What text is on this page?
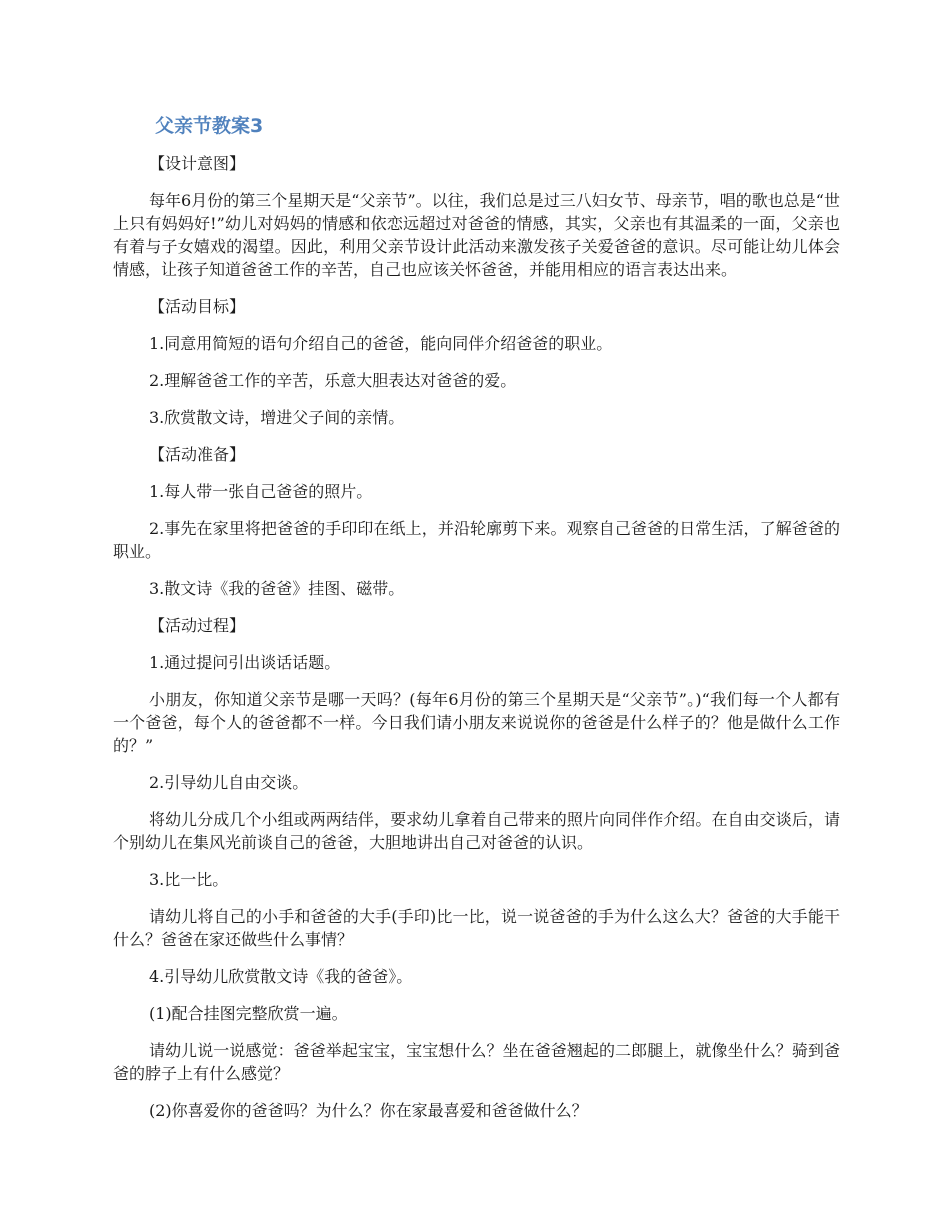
父亲节教案3
【设计意图】
每年6月份的第三个星期天是“父亲节”。以往，我们总是过三八妇女节、母亲节，唱的歌也总是“世上只有妈妈好!”幼儿对妈妈的情感和依恋远超过对爸爸的情感，其实，父亲也有其温柔的一面，父亲也有着与子女嬉戏的渴望。因此，利用父亲节设计此活动来激发孩子关爱爸爸的意识。尽可能让幼儿体会情感，让孩子知道爸爸工作的辛苦，自己也应该关怀爸爸，并能用相应的语言表达出来。
【活动目标】
1.同意用简短的语句介绍自己的爸爸，能向同伴介绍爸爸的职业。
2.理解爸爸工作的辛苦，乐意大胆表达对爸爸的爱。
3.欣赏散文诗，增进父子间的亲情。
【活动准备】
1.每人带一张自己爸爸的照片。
2.事先在家里将把爸爸的手印印在纸上，并沿轮廓剪下来。观察自己爸爸的日常生活，了解爸爸的职业。
3.散文诗《我的爸爸》挂图、磁带。
【活动过程】
1.通过提问引出谈话话题。
小朋友，你知道父亲节是哪一天吗？(每年6月份的第三个星期天是“父亲节”。)“我们每一个人都有一个爸爸，每个人的爸爸都不一样。今日我们请小朋友来说说你的爸爸是什么样子的？他是做什么工作的？”
2.引导幼儿自由交谈。
将幼儿分成几个小组或两两结伴，要求幼儿拿着自己带来的照片向同伴作介绍。在自由交谈后，请个别幼儿在集风光前谈自己的爸爸，大胆地讲出自己对爸爸的认识。
3.比一比。
请幼儿将自己的小手和爸爸的大手(手印)比一比，说一说爸爸的手为什么这么大？爸爸的大手能干什么？爸爸在家还做些什么事情？
4.引导幼儿欣赏散文诗《我的爸爸》。
(1)配合挂图完整欣赏一遍。
请幼儿说一说感觉：爸爸举起宝宝，宝宝想什么？坐在爸爸翘起的二郎腿上，就像坐什么？骑到爸爸的脖子上有什么感觉？
(2)你喜爱你的爸爸吗？为什么？你在家最喜爱和爸爸做什么？
